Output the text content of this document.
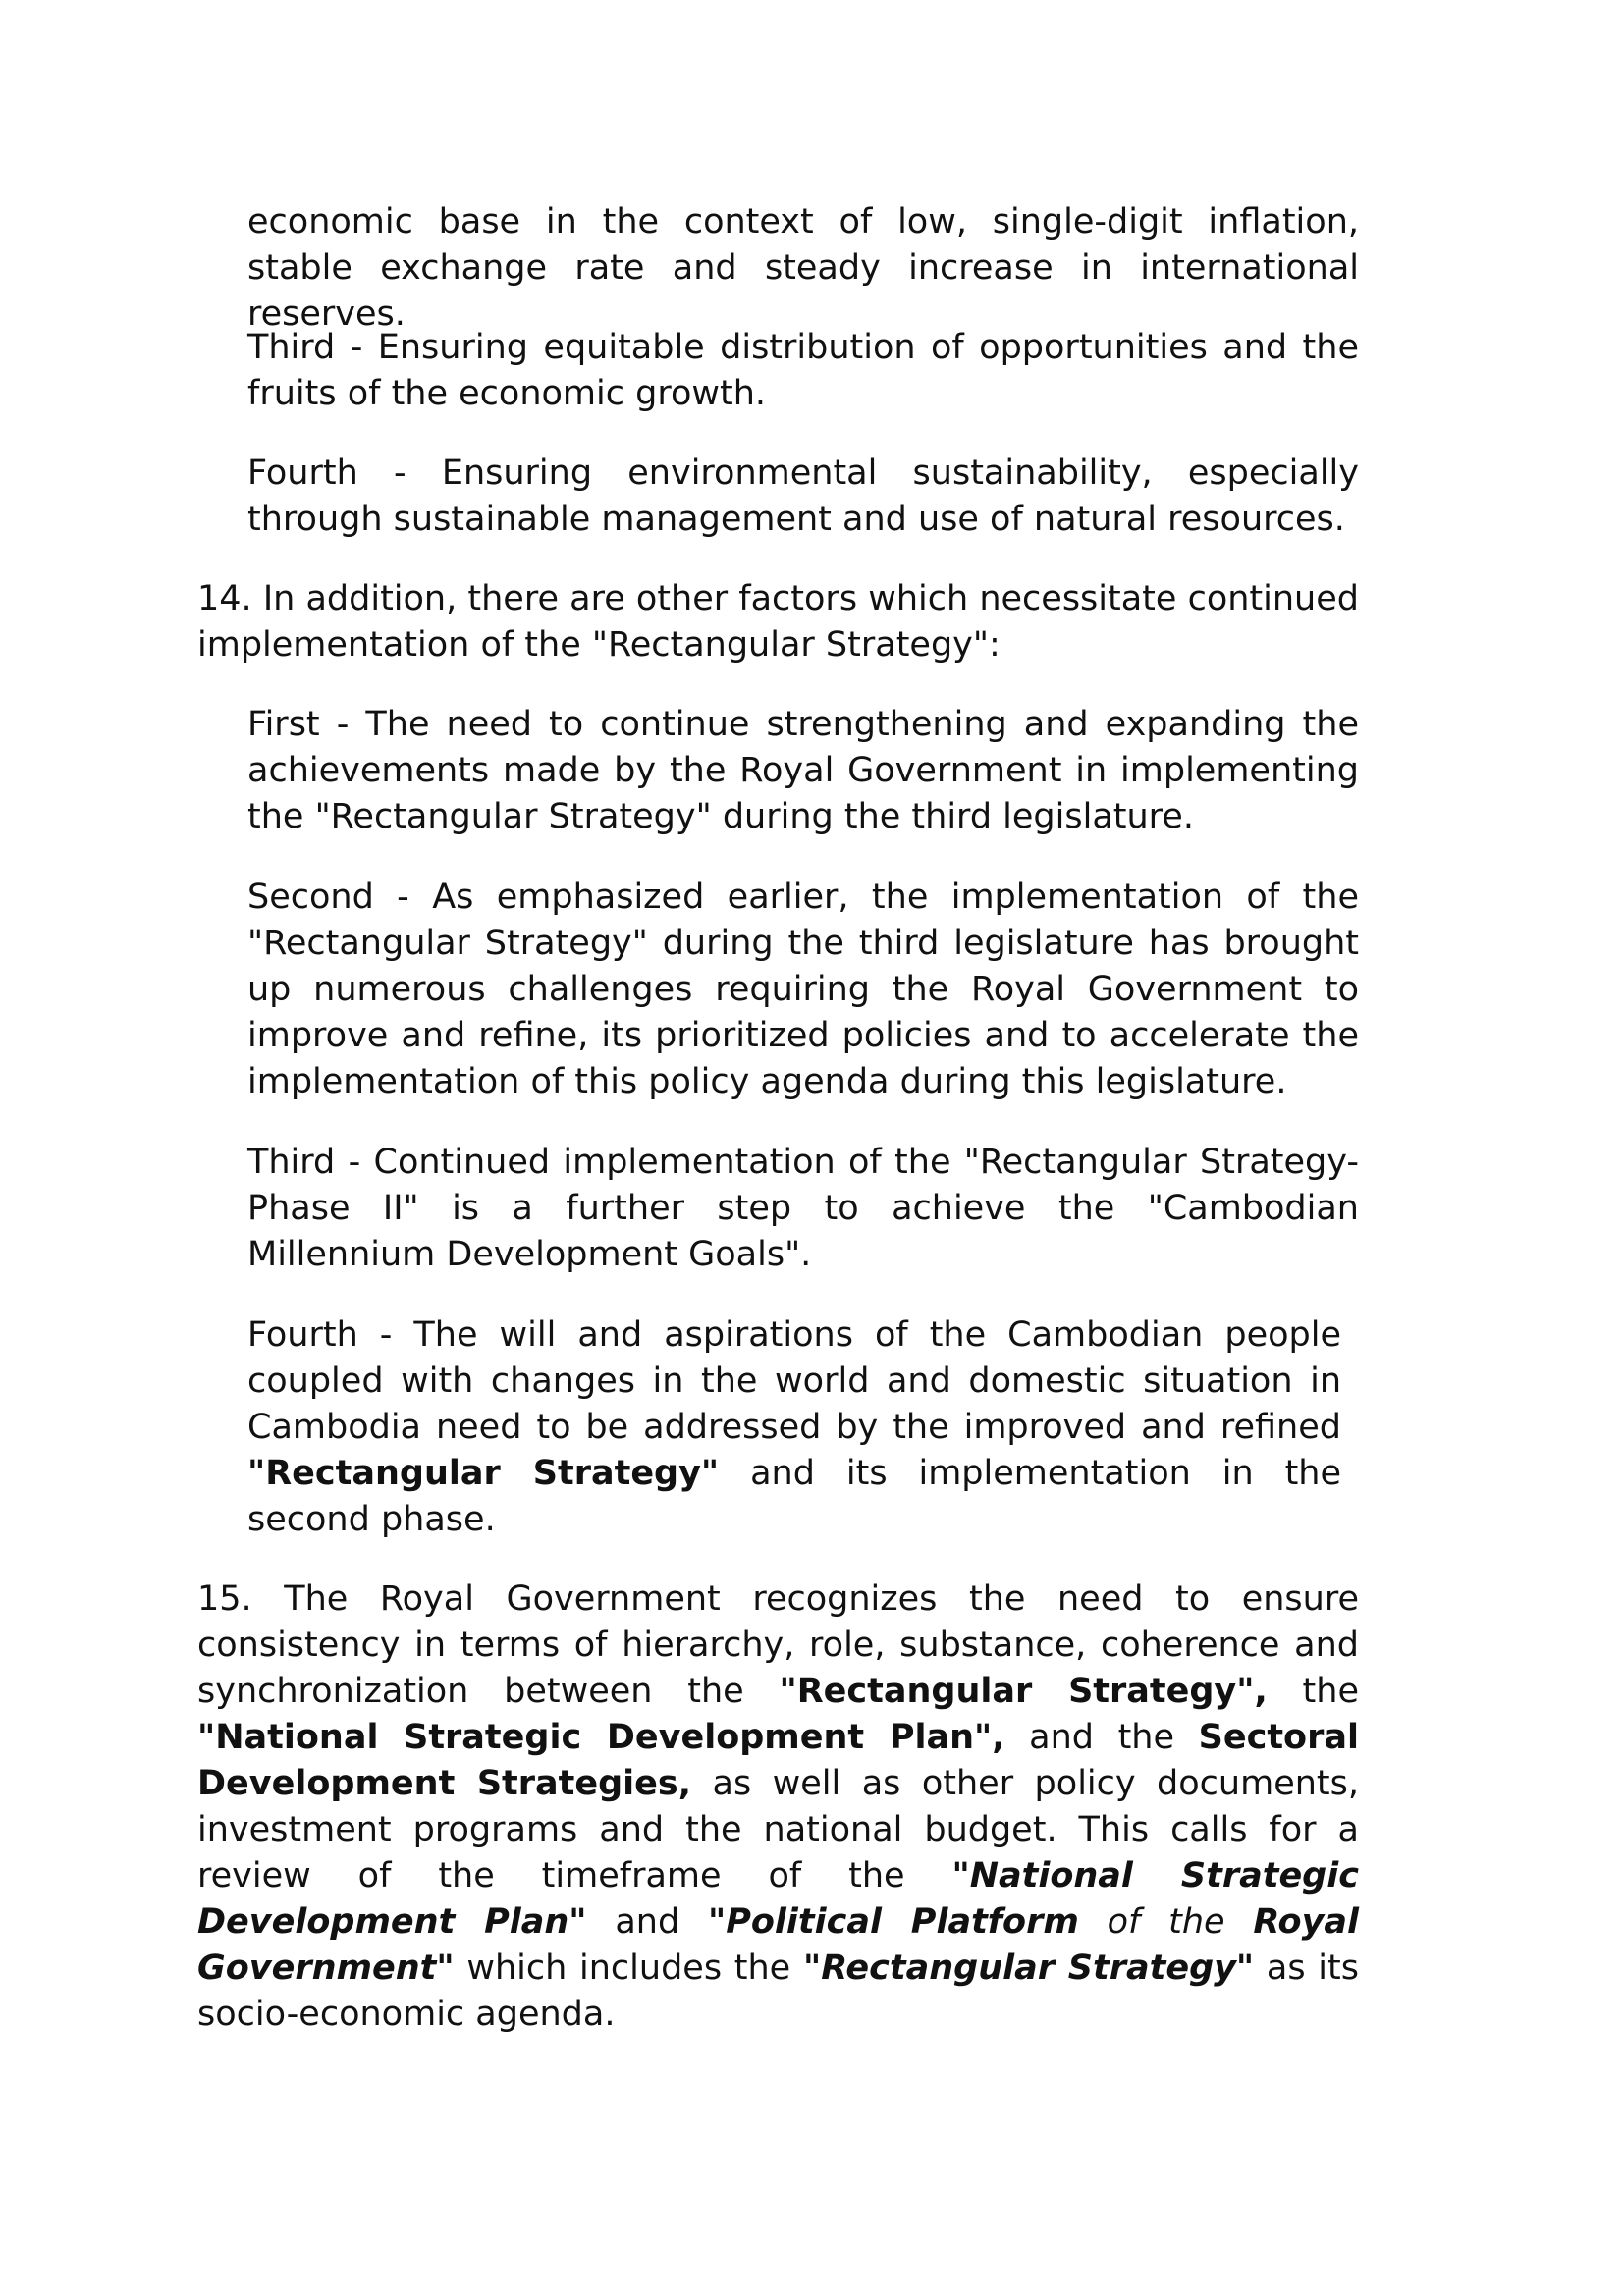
economic base in the context of low, single-digit inflation, stable exchange rate and steady increase in international reserves.

Third - Ensuring equitable distribution of opportunities and the fruits of the economic growth.

Fourth - Ensuring environmental sustainability, especially through sustainable management and use of natural resources.

14. In addition, there are other factors which necessitate continued implementation of the "Rectangular Strategy":

First - The need to continue strengthening and expanding the achievements made by the Royal Government in implementing the "Rectangular Strategy" during the third legislature.

Second - As emphasized earlier, the implementation of the "Rectangular Strategy" during the third legislature has brought up numerous challenges requiring the Royal Government to improve and refine, its prioritized policies and to accelerate the implementation of this policy agenda during this legislature.

Third - Continued implementation of the "Rectangular Strategy-Phase II" is a further step to achieve the "Cambodian Millennium Development Goals".

Fourth - The will and aspirations of the Cambodian people coupled with changes in the world and domestic situation in Cambodia need to be addressed by the improved and refined "Rectangular Strategy" and its implementation in the second phase.

15. The Royal Government recognizes the need to ensure consistency in terms of hierarchy, role, substance, coherence and synchronization between the "Rectangular Strategy", the "National Strategic Development Plan", and the Sectoral Development Strategies, as well as other policy documents, investment programs and the national budget. This calls for a review of the timeframe of the "National Strategic Development Plan" and "Political Platform of the Royal Government" which includes the "Rectangular Strategy" as its socio-economic agenda.
